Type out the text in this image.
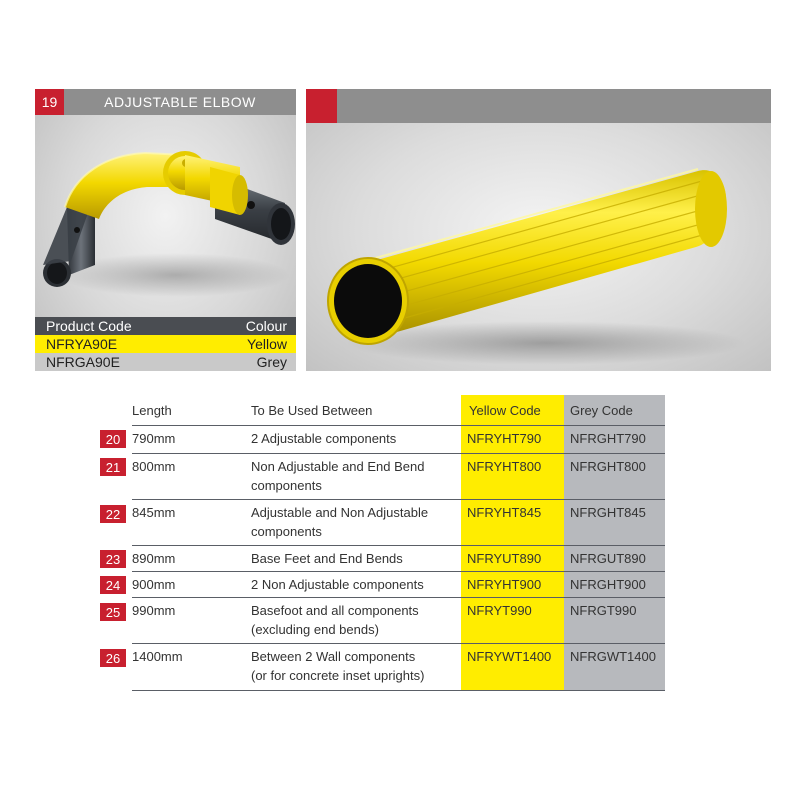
19	ADJUSTABLE ELBOW
Product Code	Colour
NFRYA90E	Yellow
NFRGA90E	Grey
Length	To Be Used Between	Yellow Code Grey Code
20 790mm	2 Adjustable components	NFRYHT790 NFRGHT790
21 800mm	Non Adjustable and End Bend
components
NFRYHT800 NFRGHT800
22 845mm	Adjustable and Non Adjustable
components
NFRYHT845 NFRGHT845
23 890mm	Base Feet and End Bends	NFRYUT890 NFRGUT890
24 900mm	2 Non Adjustable components	NFRYHT900 NFRGHT900
25 990mm	Basefoot and all components
(excluding end bends)
NFRYT990	NFRGT990
26 1400mm	Between 2 Wall components
(or for concrete inset uprights)
NFRYWT1400 NFRGWT1400
